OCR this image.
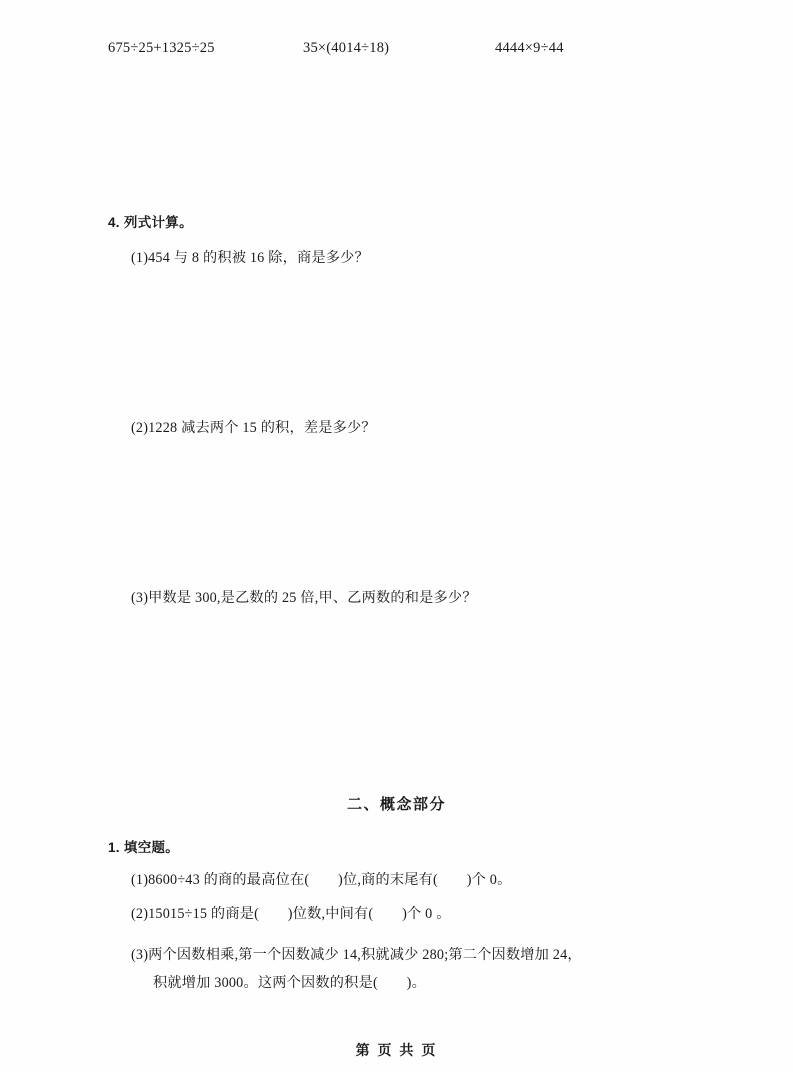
675÷25+1325÷25	35×(4014÷18)	4444×9÷44
4. 列式计算。
(1)454 与 8 的积被 16 除，商是多少？
(2)1228 减去两个 15 的积，差是多少？
(3)甲数是 300,是乙数的 25 倍,甲、乙两数的和是多少？
二、概念部分
1. 填空题。
(1)8600÷43 的商的最高位在(　　)位,商的末尾有(　　)个 0。
(2)15015÷15 的商是(　　)位数,中间有(　　)个 0 。
(3)两个因数相乘,第一个因数减少 14,积就减少 280;第二个因数增加 24，
积就增加 3000。这两个因数的积是(　　)。
第 页 共 页
